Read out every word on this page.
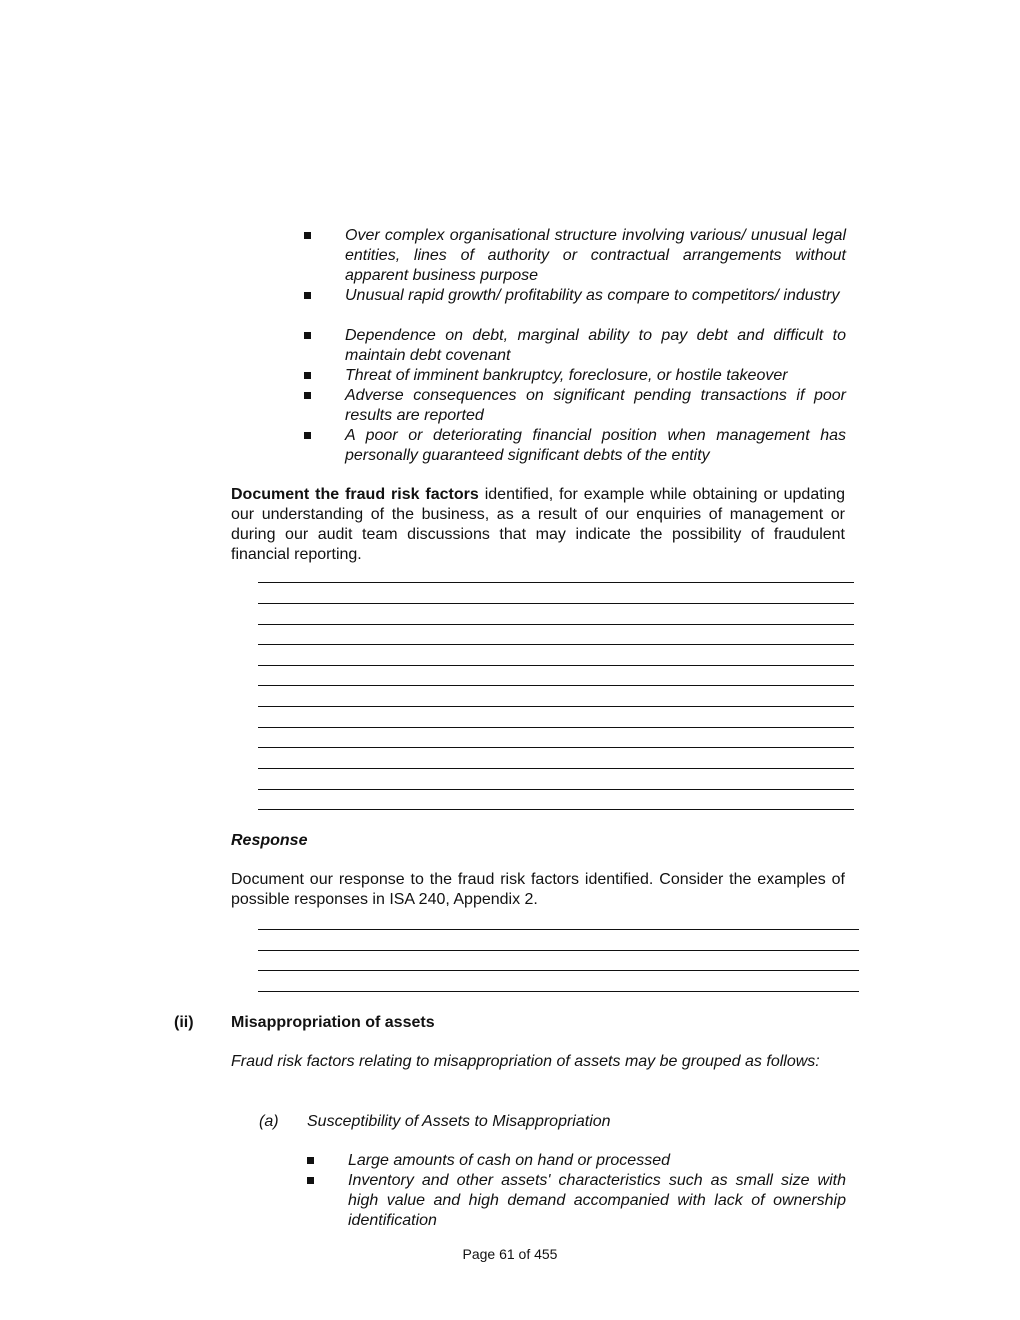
Over complex organisational structure involving various/ unusual legal entities, lines of authority or contractual arrangements without apparent business purpose
Unusual rapid growth/ profitability as compare to competitors/ industry
Dependence on debt, marginal ability to pay debt and difficult to maintain debt covenant
Threat of imminent bankruptcy, foreclosure, or hostile takeover
Adverse consequences on significant pending transactions if poor results are reported
A poor or deteriorating financial position when management has personally guaranteed significant debts of the entity
Document the fraud risk factors identified, for example while obtaining or updating our understanding of the business, as a result of our enquiries of management or during our audit team discussions that may indicate the possibility of fraudulent financial reporting.
Response
Document our response to the fraud risk factors identified. Consider the examples of possible responses in ISA 240, Appendix 2.
(ii) Misappropriation of assets
Fraud risk factors relating to misappropriation of assets may be grouped as follows:
(a) Susceptibility of Assets to Misappropriation
Large amounts of cash on hand or processed
Inventory and other assets' characteristics such as small size with high value and high demand accompanied with lack of ownership identification
Page 61 of 455
